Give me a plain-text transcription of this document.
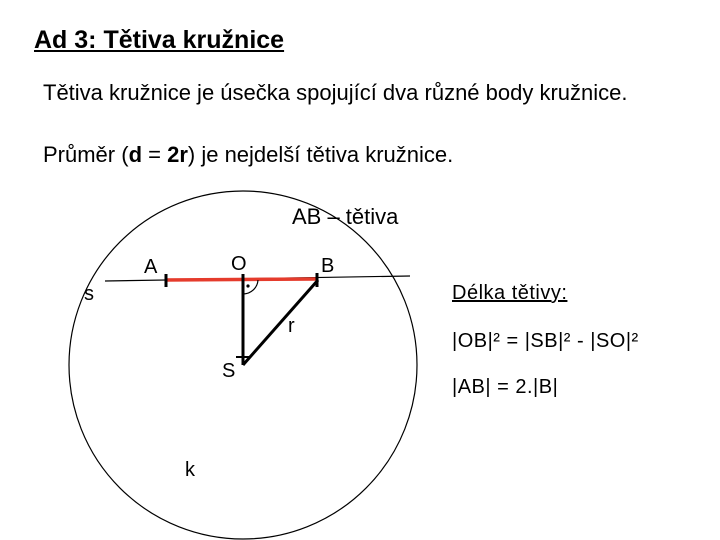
Ad 3: Tětiva kružnice
Tětiva kružnice je úsečka spojující dva různé body kružnice.
Průměr (d = 2r) je nejdelší tětiva kružnice.
AB – tětiva
A	O	B
s
r
S
k
Délka tětivy:
|OB|² = |SB|² - |SO|²
|AB| = 2.|B|
